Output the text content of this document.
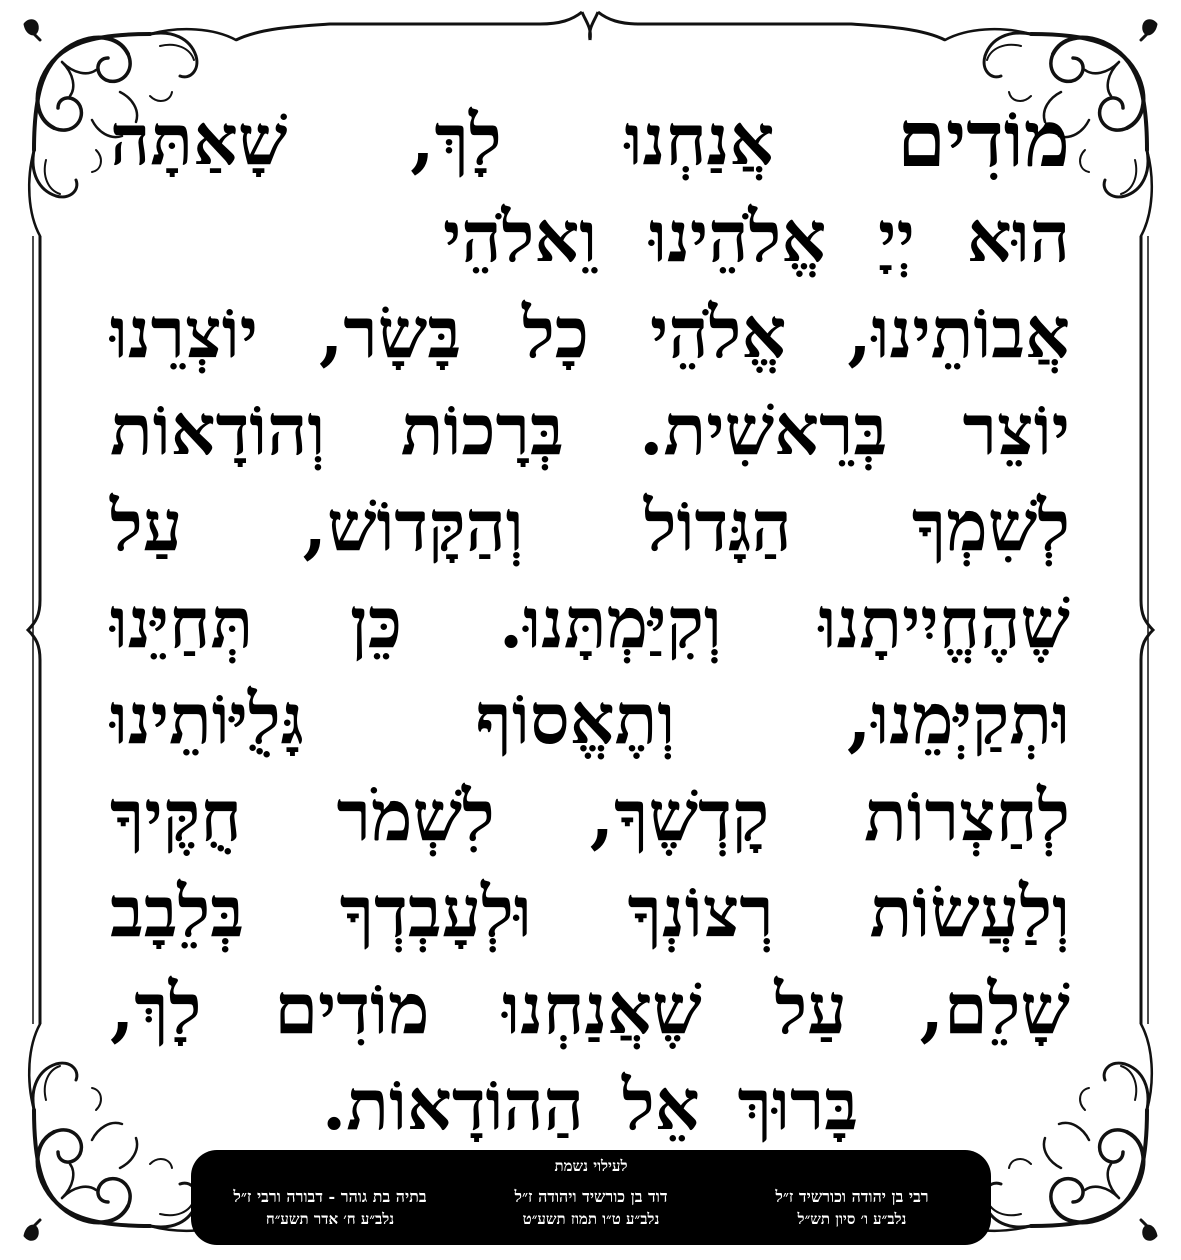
מוֹדִים
אֲנַחְנוּ
לָךְ,
שָׁאַתָּה
הוּא
יְיָ
אֱלֹהֵינוּ
וֵאלֹהֵי
אֲבוֹתֵינוּ,
אֱלֹהֵי
כָל
בָּשָׂר,
יוֹצְרֵנוּ
יוֹצֵר
בְּרֵאשִׁית.
בְּרָכוֹת
וְהוֹדָאוֹת
לְשִׁמְךָ
הַגָּדוֹל
וְהַקָּדוֹשׁ,
עַל
שֶׁהֶחֱיִיתָנוּ
וְקִיַּמְתָּנוּ.
כֵּן
תְּחַיֵּנוּ
וּתְקַיְּמֵנוּ,
וְתֶאֱסוֹף
גָּלֻיּוֹתֵינוּ
לְחַצְרוֹת
קָדְשֶׁךָ,
לִשְׁמֹר
חֻקֶּיךָ
וְלַעֲשׂוֹת
רְצוֹנְךָ
וּלְעָבְדְךָ
בְּלֵבָב
שָׁלֵם,
עַל
שֶׁאֲנַחְנוּ
מוֹדִים
לָךְ,
בָּרוּךְ
אֵל
הַהוֹדָאוֹת.
לעילוי נשמת
רבי בן יהודה וכורשיד ז״ל
נלב״ע ו׳ סיון תש״ל
דוד בן כורשיד ויהודה ז״ל
נלב״ע ט״ו תמוז תשע״ט
בתיה בת גוהר - דבורה ורבי ז״ל
נלב״ע ח׳ אדר תשע״ח
